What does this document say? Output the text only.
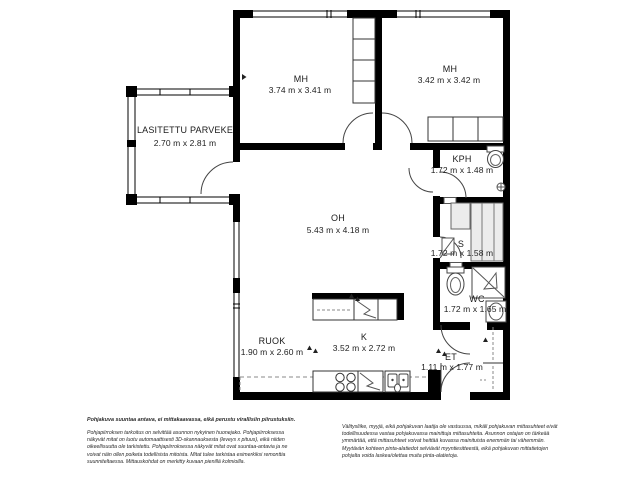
MH
3.74 m x 3.41 m
MH
3.42 m x 3.42 m
LASITETTU PARVEKE
2.70 m x 2.81 m
OH
5.43 m x 4.18 m
KPH
1.72 m x 1.48 m
S
1.72 m x 1.58 m
WC
1.72 m x 1.65 m
ET
1.11 m x 1.77 m
K
3.52 m x 2.72 m
RUOK
1.90 m x 2.60 m
Pohjakuva suuntaa antava, ei mittakaavassa, eikä perustu virallisiin piirustuksiin.
Pohjapiirroksen tarkoitus on selvittää asunnon nykyinen huonejako. Pohjapiirroksessa näkyvät mitat on luotu automaattisesti 3D-skannauksesta (leveys x pituus), eikä niiden oikeellisuutta ole tarkistettu. Pohjapiirroksessa näkyvät mitat ovat suuntaa-antavia ja ne voivat näin ollen poiketa todellisista mitoista. Mitat tulee tarkistaa esimerkiksi remonttia suunniteltaessa. Mittauskohdat on merkitty kuvaan pienillä kolmioilla.
Välitysliike, myyjä, eikä pohjakuvan laatija ole vastuussa, mikäli pohjakuvan mittasuhteet eivät todellisuudessa vastaa pohjakuvassa mainittuja mittasuhteita. Asunnon ostajan on tärkeää ymmärtää, että mittasuhteet voivat heittää kuvassa mainituista enemmän tai vähemmän. Myytävän kohteen pinta-alatiedot selviävät myyntiesitteestä, eikä pohjakuvan mittatietojen pohjalta voida laskea/olettaa muita pinta-alatietoja.
